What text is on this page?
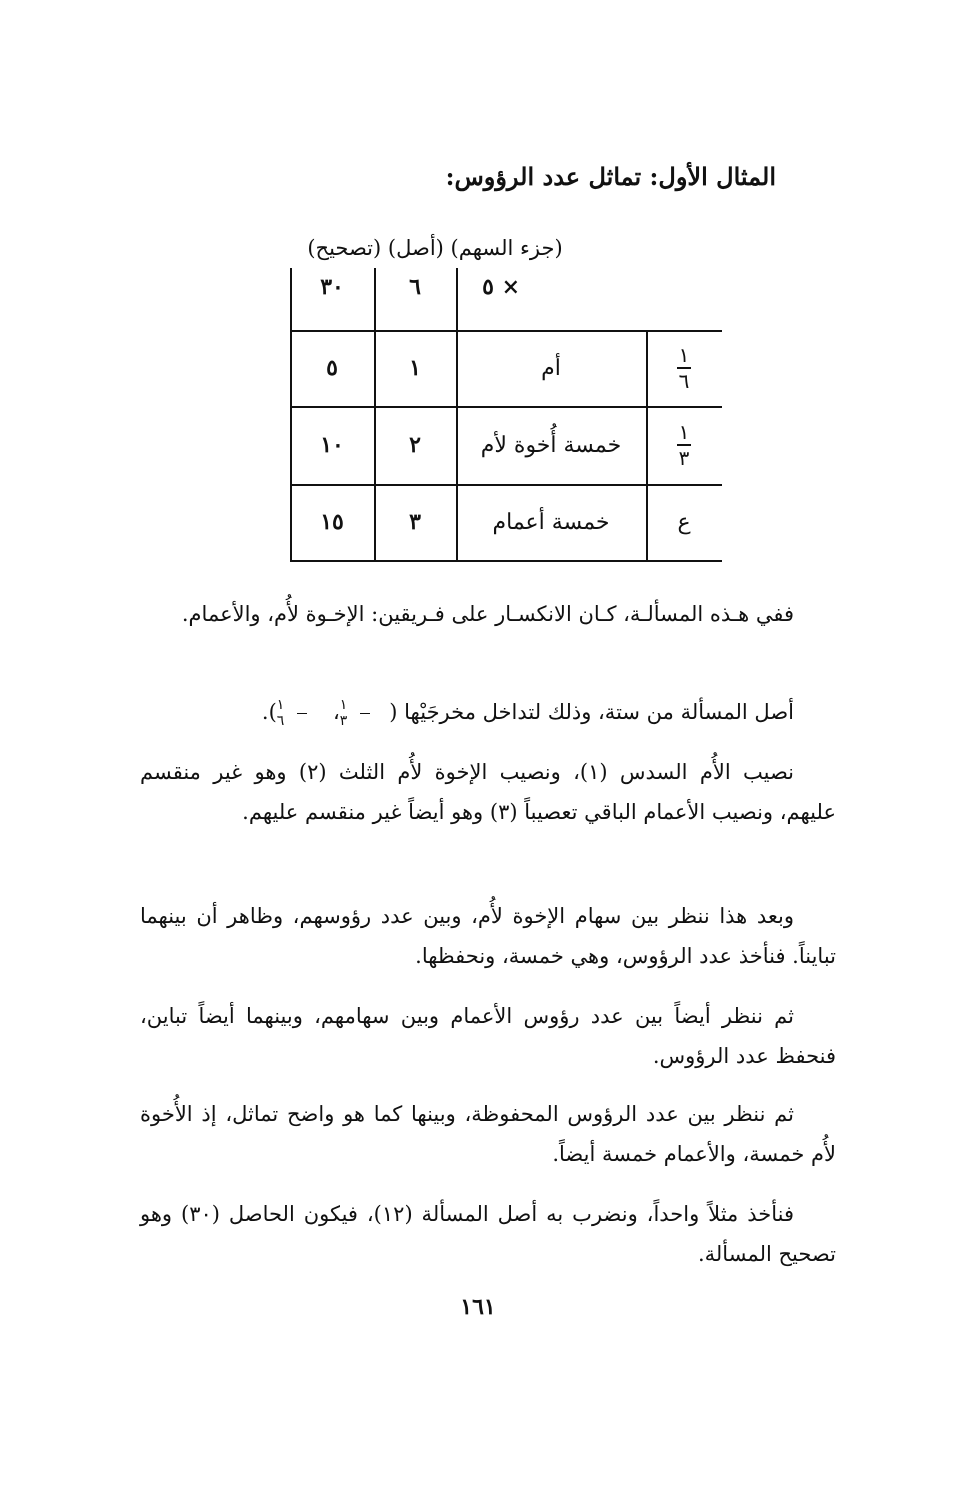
المثال الأول: تماثل عدد الرؤوس:
(جزء السهم) (أصل) (تصحيح)
٣٠	٦	× ٥
٥	١	أم	$\frac{١}{٦}$
١٠	٢	خمسة أُخوة لأم	$\frac{١}{٣}$
١٥	٣	خمسة أعمام	ع
ففي هـذه المسألـة، كـان الانكسـار على فـريقين: الإخـوة لأُم، والأعمام.
أصل المسألة من ستة، وذلك لتداخل مخرجَيْها (
$\frac{١}{٣}$
،
$\frac{١}{٦}$
).
نصيب الأُم السدس (١)، ونصيب الإخوة لأُم الثلث (٢) وهو غير منقسم عليهم، ونصيب الأعمام الباقي تعصيباً (٣) وهو أيضاً غير منقسم عليهم.
وبعد هذا ننظر بين سهام الإخوة لأُم، وبين عدد رؤوسهم، وظاهر أن بينهما تبايناً. فنأخذ عدد الرؤوس، وهي خمسة، ونحفظها.
ثم ننظر أيضاً بين عدد رؤوس الأعمام وبين سهامهم، وبينهما أيضاً تباين، فنحفظ عدد الرؤوس.
ثم ننظر بين عدد الرؤوس المحفوظة، وبينها كما هو واضح تماثل، إذ الأُخوة لأُم خمسة، والأعمام خمسة أيضاً.
فنأخذ مثلاً واحداً، ونضرب به أصل المسألة (١٢)، فيكون الحاصل (٣٠) وهو تصحيح المسألة.
١٦١
